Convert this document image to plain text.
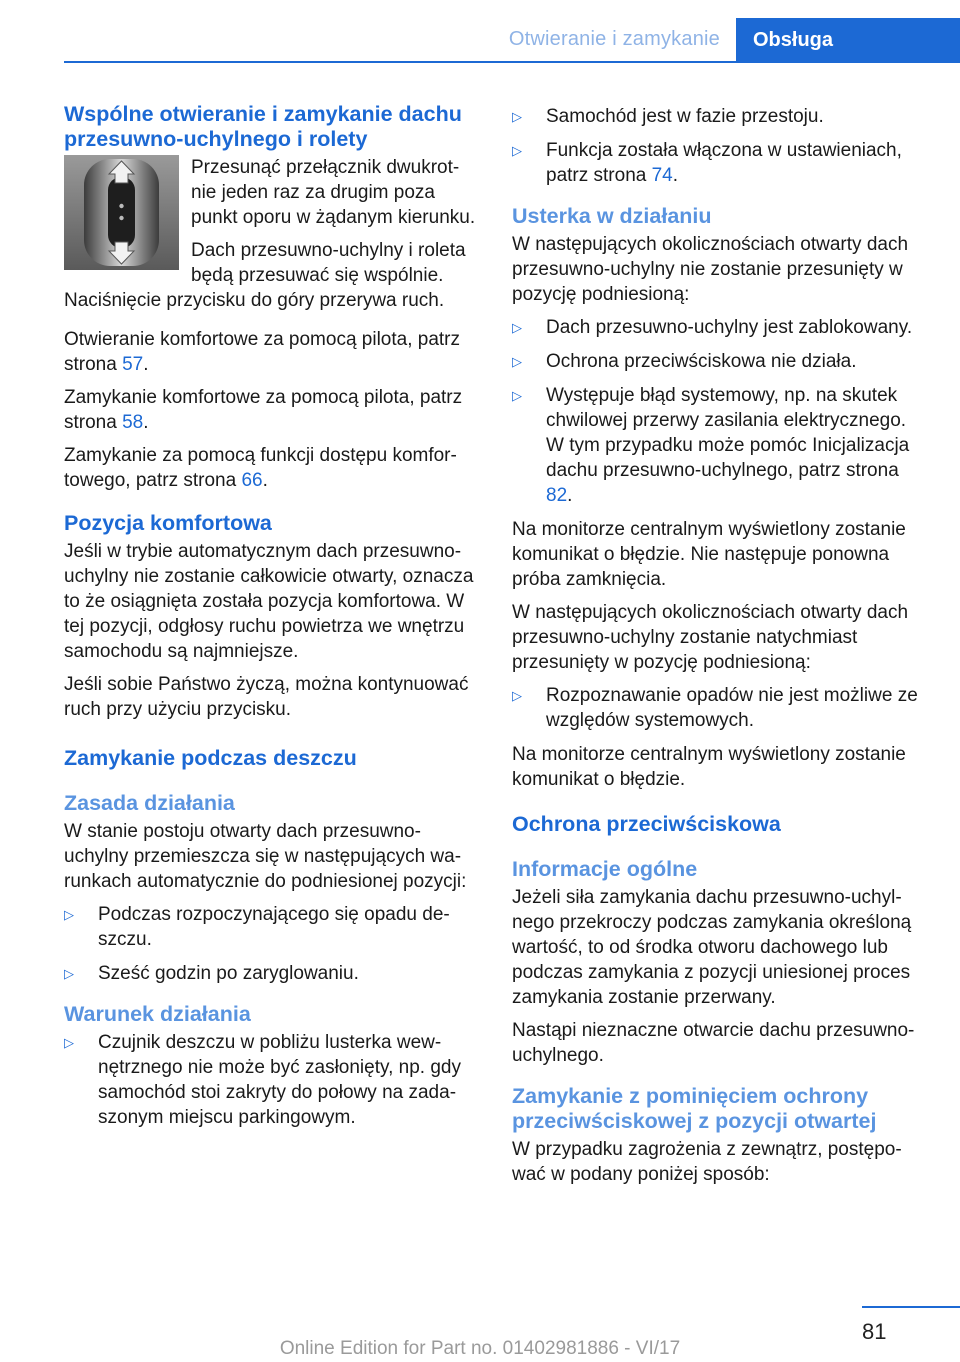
Otwieranie i zamykanie	Obsługa
Wspólne otwieranie i zamykanie dachu przesuwno-uchylnego i rolety

Przesunąć przełącznik dwukrotnie jeden raz za drugim poza punkt oporu w żądanym kierunku.

Dach przesuwno-uchylny i roleta będą przesuwać się wspólnie. Naciśnięcie przycisku do góry przerywa ruch.

Otwieranie komfortowe za pomocą pilota, patrz strona 57.

Zamykanie komfortowe za pomocą pilota, patrz strona 58.

Zamykanie za pomocą funkcji dostępu komfortowego, patrz strona 66.

Pozycja komfortowa

Jeśli w trybie automatycznym dach przesuwno-uchylny nie zostanie całkowicie otwarty, oznacza to że osiągnięta została pozycja komfortowa. W tej pozycji, odgłosy ruchu powietrza we wnętrzu samochodu są najmniejsze.

Jeśli sobie Państwo życzą, można kontynuować ruch przy użyciu przycisku.

Zamykanie podczas deszczu
Zasada działania

W stanie postoju otwarty dach przesuwno-uchylny przemieszcza się w następujących warunkach automatycznie do podniesionej pozycji:

▷ Podczas rozpoczynającego się opadu deszczu.
▷ Sześć godzin po zaryglowaniu.
Warunek działania
▷ Czujnik deszczu w pobliżu lusterka wewnętrznego nie może być zasłonięty, np. gdy samochód stoi zakryty do połowy na zadaszonym miejscu parkingowym.
▷ Samochód jest w fazie przestoju.
▷ Funkcja została włączona w ustawieniach, patrz strona 74.
Usterka w działaniu

W następujących okolicznościach otwarty dach przesuwno-uchylny nie zostanie przesunięty w pozycję podniesioną:

▷ Dach przesuwno-uchylny jest zablokowany.
▷ Ochrona przeciwściskowa nie działa.
▷ Występuje błąd systemowy, np. na skutek chwilowej przerwy zasilania elektrycznego. W tym przypadku może pomóc Inicjalizacja dachu przesuwno-uchylnego, patrz strona 82.

Na monitorze centralnym wyświetlony zostanie komunikat o błędzie. Nie następuje ponowna próba zamknięcia.

W następujących okolicznościach otwarty dach przesuwno-uchylny zostanie natychmiast przesunięty w pozycję podniesioną:

▷ Rozpoznawanie opadów nie jest możliwe ze względów systemowych.

Na monitorze centralnym wyświetlony zostanie komunikat o błędzie.

Ochrona przeciwściskowa
Informacje ogólne

Jeżeli siła zamykania dachu przesuwno-uchylnego przekroczy podczas zamykania określoną wartość, to od środka otworu dachowego lub podczas zamykania z pozycji uniesionej proces zamykania zostanie przerwany.

Nastąpi nieznaczne otwarcie dachu przesuwno-uchylnego.

Zamykanie z pominięciem ochrony przeciwściskowej z pozycji otwartej

W przypadku zagrożenia z zewnątrz, postępować w podany poniżej sposób:

81
Online Edition for Part no. 01402981886 - VI/17
